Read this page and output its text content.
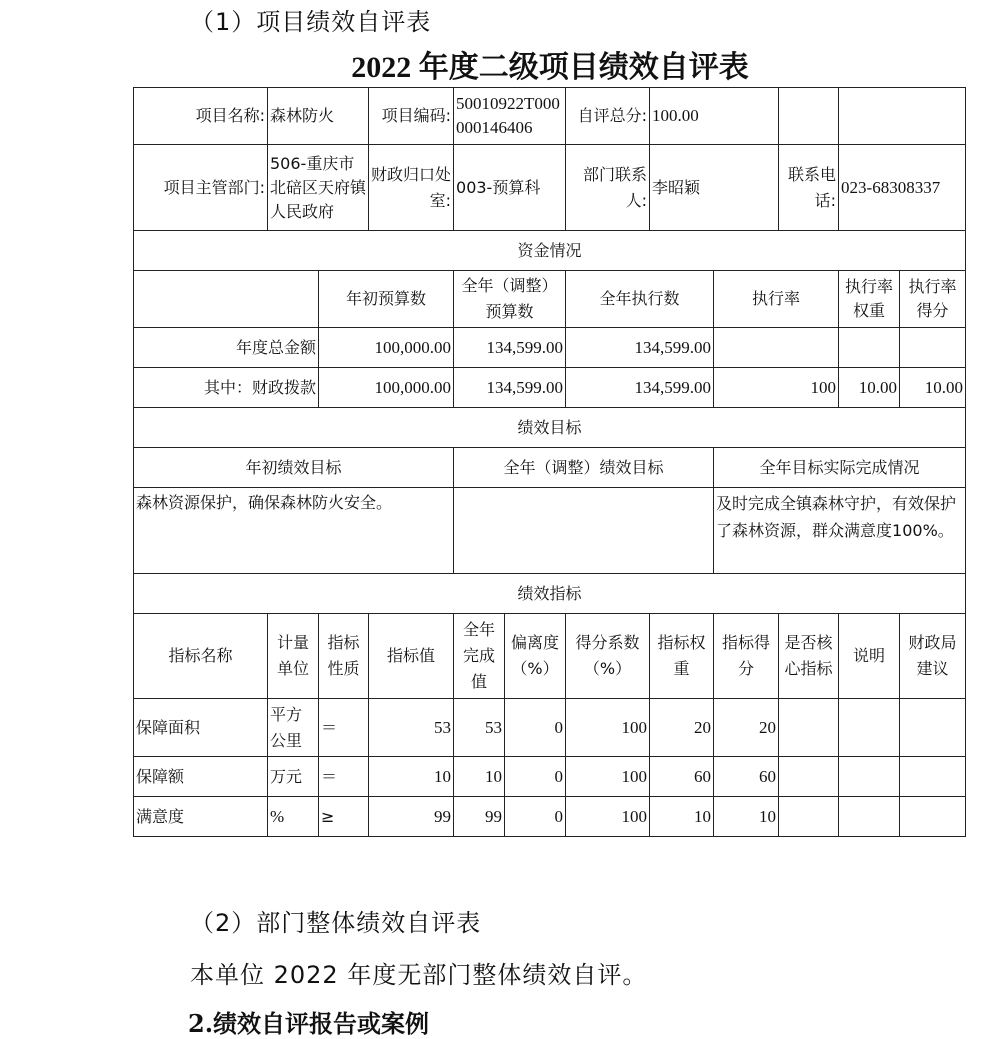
（1）项目绩效自评表
2022 年度二级项目绩效自评表
项目名称:	森林防火		项目编码:	50010922T000000146406		自评总分:	100.00				
项目主管部门:	506-重庆市北碚区天府镇人民政府		财政归口处室:	003-预算科		部门联系人:	李昭颖		联系电话:	023-68308337	
资金情况											
		年初预算数		全年（调整）预算数		全年执行数		执行率		执行率权重	执行率得分
年度总金额		100,000.00		134,599.00		134,599.00					
其中：财政拨款		100,000.00		134,599.00		134,599.00		100		10.00	10.00
绩效目标											
年初绩效目标				全年（调整）绩效目标				全年目标实际完成情况			
森林资源保护，确保森林防火安全。								及时完成全镇森林守护，有效保护了森林资源，群众满意度100%。			
绩效指标											
指标名称	计量单位	指标性质	指标值	全年完成值	偏离度（%）	得分系数（%）	指标权重	指标得分	是否核心指标	说明	财政局建议
保障面积	平方公里	＝	53	53	0	100	20	20			
保障额	万元	＝	10	10	0	100	60	60			
满意度	%	≥	99	99	0	100	10	10			
（2）部门整体绩效自评表
本单位 2022 年度无部门整体绩效自评。
2.绩效自评报告或案例
